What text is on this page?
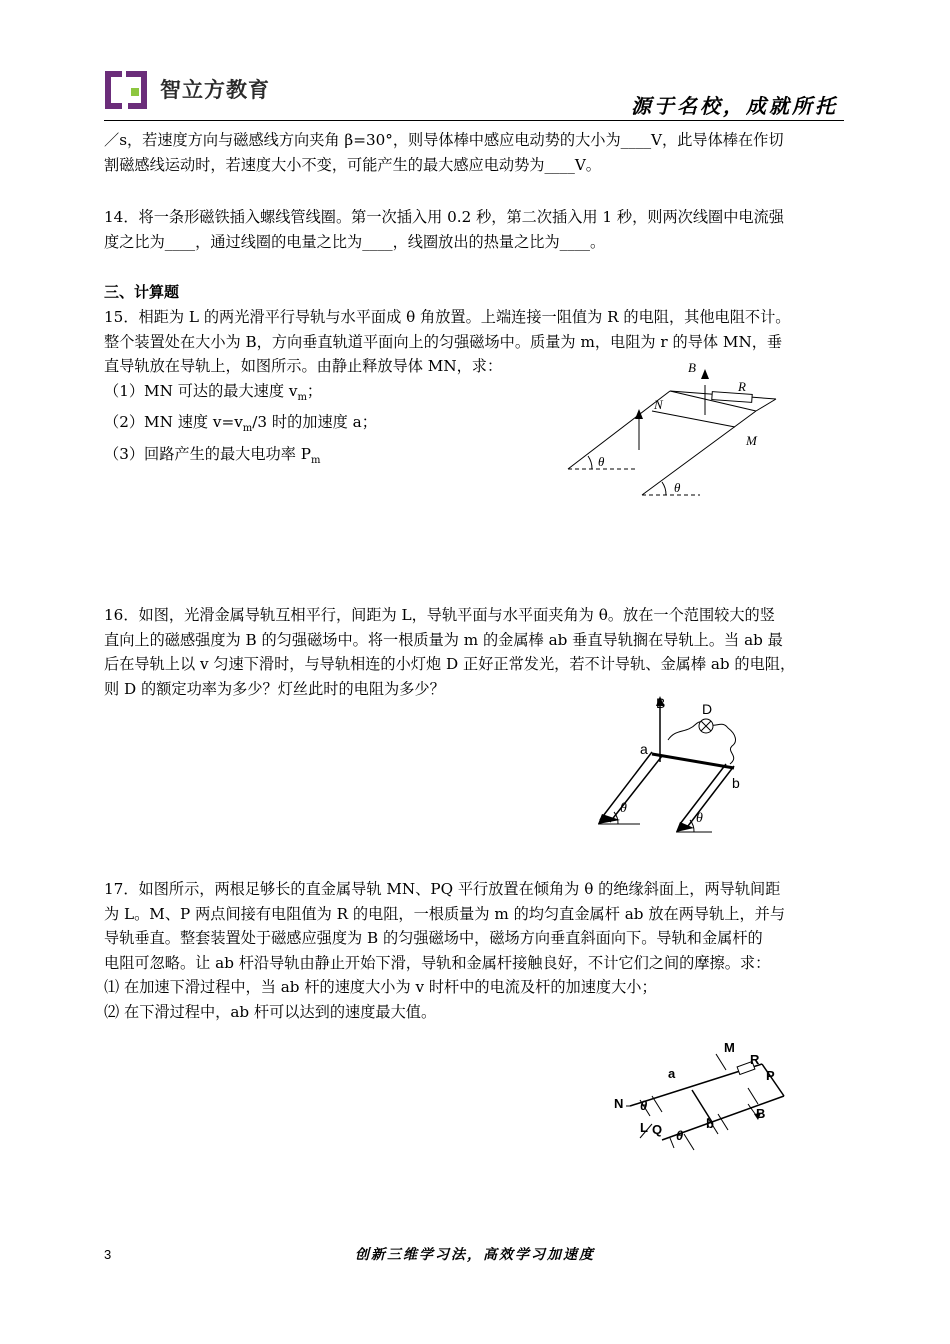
智立方教育
源于名校，成就所托

／s，若速度方向与磁感线方向夹角 β=30°，则导体棒中感应电动势的大小为____V，此导体棒在作切

割磁感线运动时，若速度大小不变，可能产生的最大感应电动势为____V。

14．将一条形磁铁插入螺线管线圈。第一次插入用 0.2 秒，第二次插入用 1 秒，则两次线圈中电流强

度之比为____，通过线圈的电量之比为____，线圈放出的热量之比为____。

三、计算题

15．相距为 L 的两光滑平行导轨与水平面成 θ 角放置。上端连接一阻值为 R 的电阻，其他电阻不计。

整个装置处在大小为 B，方向垂直轨道平面向上的匀强磁场中。质量为 m，电阻为 r 的导体 MN，垂

直导轨放在导轨上，如图所示。由静止释放导体 MN，求：

（1）MN 可达的最大速度 $v_m$；

（2）MN 速度 $v=v_m/3$ 时的加速度 a；

（3）回路产生的最大电功率 $P_m$

B
R
N
M
θ
θ

16．如图，光滑金属导轨互相平行，间距为 L，导轨平面与水平面夹角为 θ。放在一个范围较大的竖

直向上的磁感强度为 B 的匀强磁场中。将一根质量为 m 的金属棒 ab 垂直导轨搁在导轨上。当 ab 最

后在导轨上以 v 匀速下滑时，与导轨相连的小灯炮 D 正好正常发光，若不计导轨、金属棒 ab 的电阻，

则 D 的额定功率为多少？灯丝此时的电阻为多少？

B	D
a
b
θ
θ

17．如图所示，两根足够长的直金属导轨 MN、PQ 平行放置在倾角为 θ 的绝缘斜面上，两导轨间距

为 L。M、P 两点间接有电阻值为 R 的电阻，一根质量为 m 的均匀直金属杆 ab 放在两导轨上，并与

导轨垂直。整套装置处于磁感应强度为 B 的匀强磁场中，磁场方向垂直斜面向下。导轨和金属杆的

电阻可忽略。让 ab 杆沿导轨由静止开始下滑，导轨和金属杆接触良好，不计它们之间的摩擦。求：

⑴ 在加速下滑过程中，当 ab 杆的速度大小为 v 时杆中的电流及杆的加速度大小；

⑵ 在下滑过程中，ab 杆可以达到的速度最大值。

M
R
P
a
N θ
b
B
L Q θ
3	创新三维学习法，高效学习加速度
